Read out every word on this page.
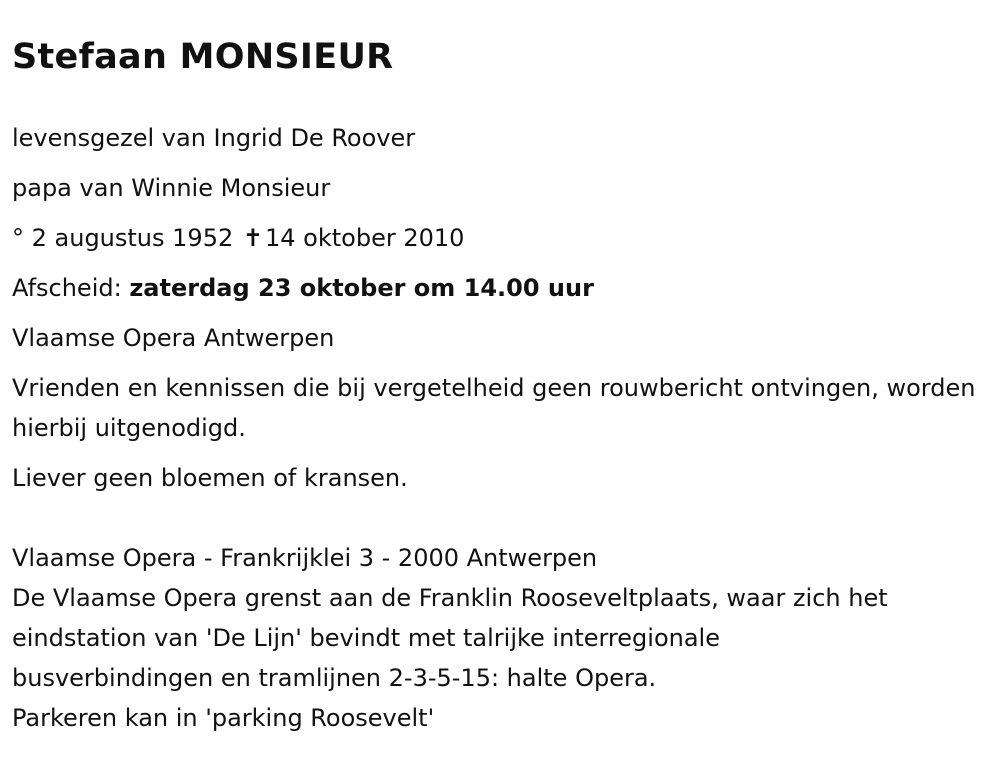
Stefaan MONSIEUR

levensgezel van Ingrid De Roover

papa van Winnie Monsieur

° 2 augustus 1952 ✝14 oktober 2010

Afscheid: zaterdag 23 oktober om 14.00 uur

Vlaamse Opera Antwerpen

Vrienden en kennissen die bij vergetelheid geen rouwbericht ontvingen, worden hierbij uitgenodigd.

Liever geen bloemen of kransen.

Vlaamse Opera - Frankrijklei 3 - 2000 Antwerpen
De Vlaamse Opera grenst aan de Franklin Rooseveltplaats, waar zich het
eindstation van 'De Lijn' bevindt met talrijke interregionale
busverbindingen en tramlijnen 2-3-5-15: halte Opera.
Parkeren kan in 'parking Roosevelt'
